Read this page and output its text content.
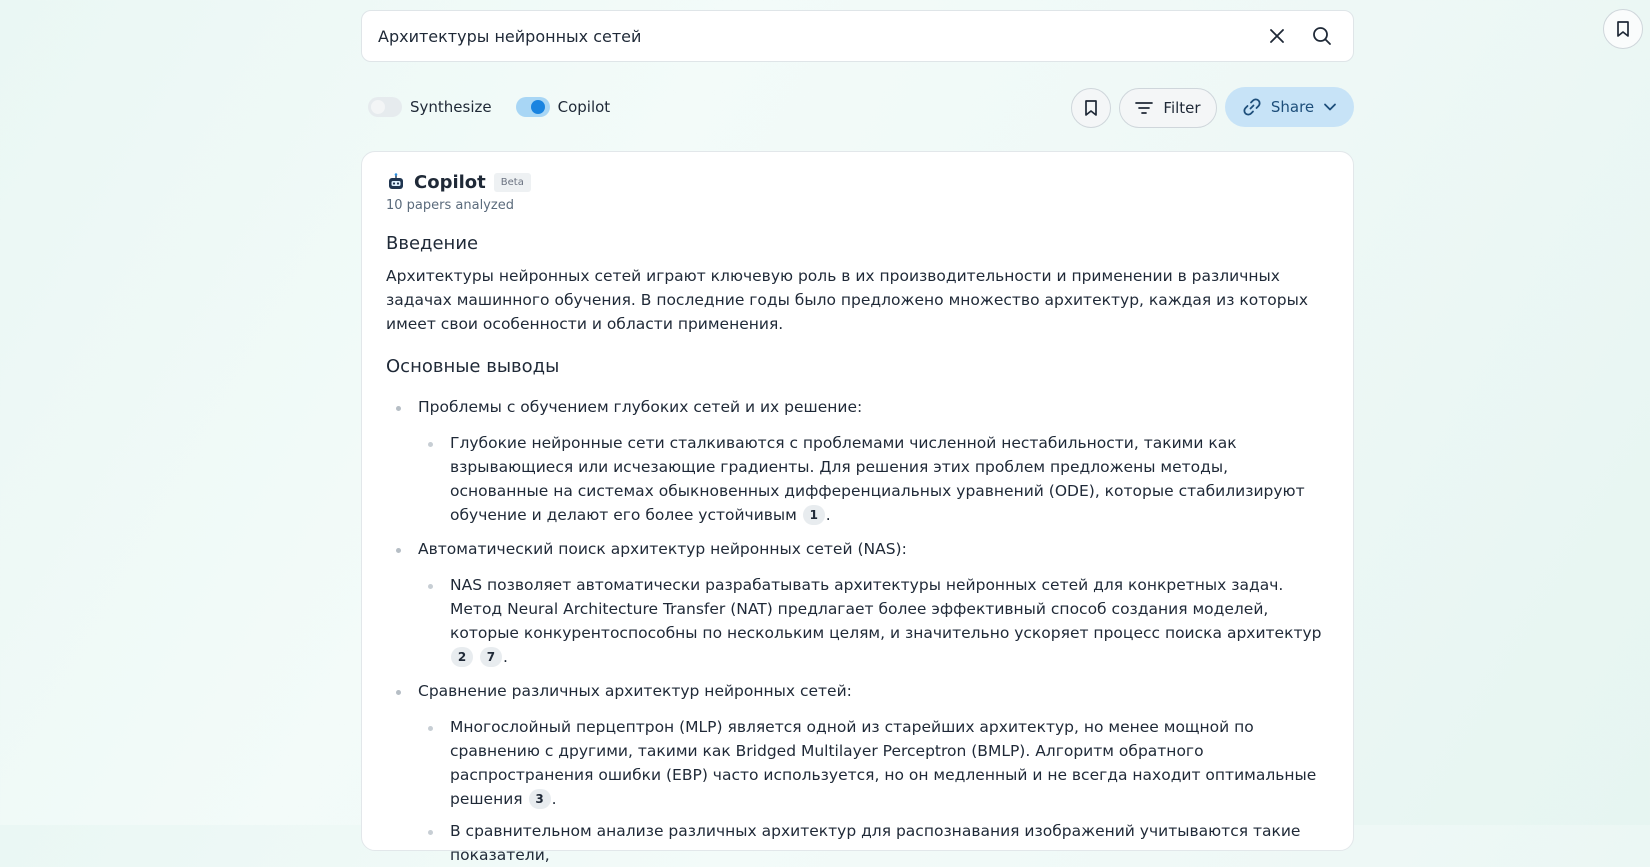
Архитектуры нейронных сетей
Synthesize	Copilot	Filter	Share
Copilot	Beta
10 papers analyzed
Введение
Архитектуры нейронных сетей играют ключевую роль в их производительности и применении в различных задачах машинного обучения. В последние годы было предложено множество архитектур, каждая из которых имеет свои особенности и области применения.
Основные выводы
Проблемы с обучением глубоких сетей и их решение:
Глубокие нейронные сети сталкиваются с проблемами численной нестабильности, такими как взрывающиеся или исчезающие градиенты. Для решения этих проблем предложены методы, основанные на системах обыкновенных дифференциальных уравнений (ODE), которые стабилизируют обучение и делают его более устойчивым 1 .
Автоматический поиск архитектур нейронных сетей (NAS):
NAS позволяет автоматически разрабатывать архитектуры нейронных сетей для конкретных задач. Метод Neural Architecture Transfer (NAT) предлагает более эффективный способ создания моделей, которые конкурентоспособны по нескольким целям, и значительно ускоряет процесс поиска архитектур 2 7 .
Сравнение различных архитектур нейронных сетей:
Многослойный перцептрон (MLP) является одной из старейших архитектур, но менее мощной по сравнению с другими, такими как Bridged Multilayer Perceptron (BMLP). Алгоритм обратного распространения ошибки (EBP) часто используется, но он медленный и не всегда находит оптимальные решения 3 .
В сравнительном анализе различных архитектур для распознавания изображений учитываются такие показатели,
